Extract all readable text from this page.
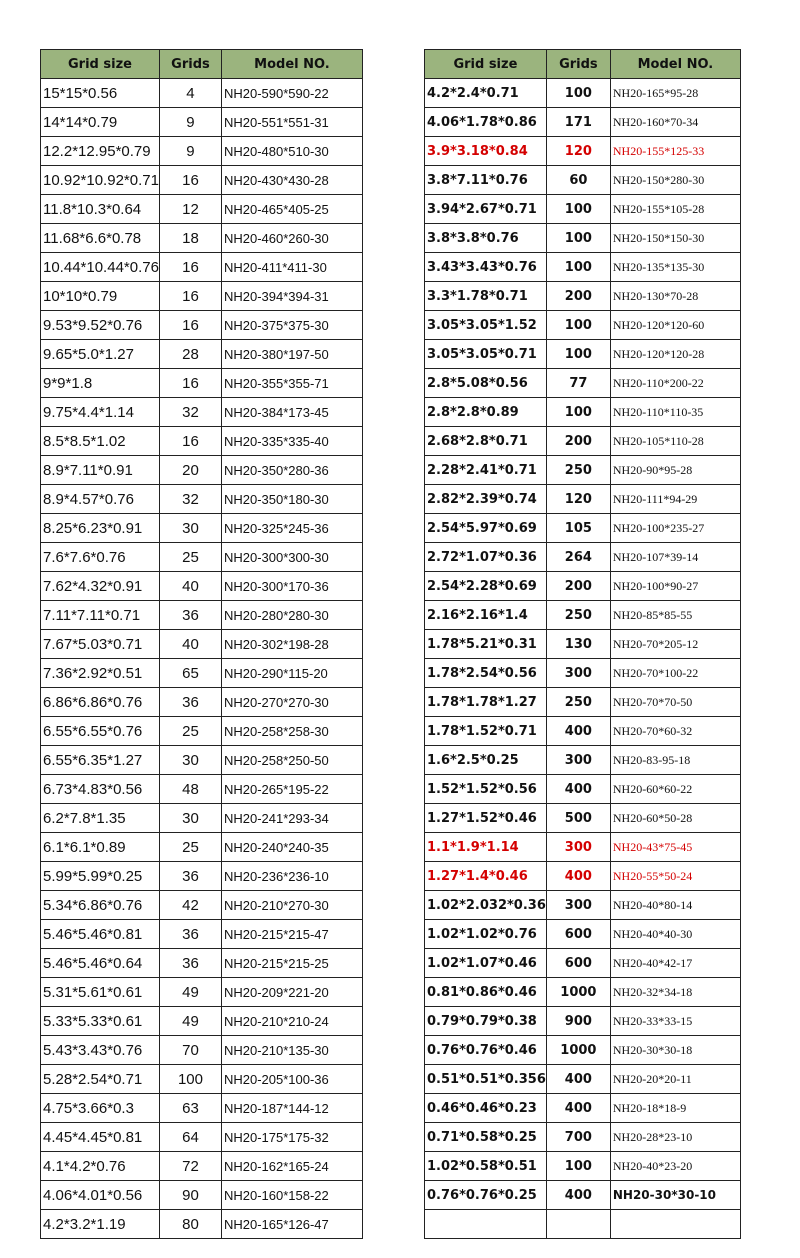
Grid size	Grids	Model NO.
15*15*0.56	4	NH20-590*590-22
14*14*0.79	9	NH20-551*551-31
12.2*12.95*0.79	9	NH20-480*510-30
10.92*10.92*0.71	16	NH20-430*430-28
11.8*10.3*0.64	12	NH20-465*405-25
11.68*6.6*0.78	18	NH20-460*260-30
10.44*10.44*0.76	16	NH20-411*411-30
10*10*0.79	16	NH20-394*394-31
9.53*9.52*0.76	16	NH20-375*375-30
9.65*5.0*1.27	28	NH20-380*197-50
9*9*1.8	16	NH20-355*355-71
9.75*4.4*1.14	32	NH20-384*173-45
8.5*8.5*1.02	16	NH20-335*335-40
8.9*7.11*0.91	20	NH20-350*280-36
8.9*4.57*0.76	32	NH20-350*180-30
8.25*6.23*0.91	30	NH20-325*245-36
7.6*7.6*0.76	25	NH20-300*300-30
7.62*4.32*0.91	40	NH20-300*170-36
7.11*7.11*0.71	36	NH20-280*280-30
7.67*5.03*0.71	40	NH20-302*198-28
7.36*2.92*0.51	65	NH20-290*115-20
6.86*6.86*0.76	36	NH20-270*270-30
6.55*6.55*0.76	25	NH20-258*258-30
6.55*6.35*1.27	30	NH20-258*250-50
6.73*4.83*0.56	48	NH20-265*195-22
6.2*7.8*1.35	30	NH20-241*293-34
6.1*6.1*0.89	25	NH20-240*240-35
5.99*5.99*0.25	36	NH20-236*236-10
5.34*6.86*0.76	42	NH20-210*270-30
5.46*5.46*0.81	36	NH20-215*215-47
5.46*5.46*0.64	36	NH20-215*215-25
5.31*5.61*0.61	49	NH20-209*221-20
5.33*5.33*0.61	49	NH20-210*210-24
5.43*3.43*0.76	70	NH20-210*135-30
5.28*2.54*0.71	100	NH20-205*100-36
4.75*3.66*0.3	63	NH20-187*144-12
4.45*4.45*0.81	64	NH20-175*175-32
4.1*4.2*0.76	72	NH20-162*165-24
4.06*4.01*0.56	90	NH20-160*158-22
4.2*3.2*1.19	80	NH20-165*126-47
Grid size	Grids	Model NO.
4.2*2.4*0.71	100	NH20-165*95-28
4.06*1.78*0.86	171	NH20-160*70-34
3.9*3.18*0.84	120	NH20-155*125-33
3.8*7.11*0.76	60	NH20-150*280-30
3.94*2.67*0.71	100	NH20-155*105-28
3.8*3.8*0.76	100	NH20-150*150-30
3.43*3.43*0.76	100	NH20-135*135-30
3.3*1.78*0.71	200	NH20-130*70-28
3.05*3.05*1.52	100	NH20-120*120-60
3.05*3.05*0.71	100	NH20-120*120-28
2.8*5.08*0.56	77	NH20-110*200-22
2.8*2.8*0.89	100	NH20-110*110-35
2.68*2.8*0.71	200	NH20-105*110-28
2.28*2.41*0.71	250	NH20-90*95-28
2.82*2.39*0.74	120	NH20-111*94-29
2.54*5.97*0.69	105	NH20-100*235-27
2.72*1.07*0.36	264	NH20-107*39-14
2.54*2.28*0.69	200	NH20-100*90-27
2.16*2.16*1.4	250	NH20-85*85-55
1.78*5.21*0.31	130	NH20-70*205-12
1.78*2.54*0.56	300	NH20-70*100-22
1.78*1.78*1.27	250	NH20-70*70-50
1.78*1.52*0.71	400	NH20-70*60-32
1.6*2.5*0.25	300	NH20-83-95-18
1.52*1.52*0.56	400	NH20-60*60-22
1.27*1.52*0.46	500	NH20-60*50-28
1.1*1.9*1.14	300	NH20-43*75-45
1.27*1.4*0.46	400	NH20-55*50-24
1.02*2.032*0.36	300	NH20-40*80-14
1.02*1.02*0.76	600	NH20-40*40-30
1.02*1.07*0.46	600	NH20-40*42-17
0.81*0.86*0.46	1000	NH20-32*34-18
0.79*0.79*0.38	900	NH20-33*33-15
0.76*0.76*0.46	1000	NH20-30*30-18
0.51*0.51*0.356	400	NH20-20*20-11
0.46*0.46*0.23	400	NH20-18*18-9
0.71*0.58*0.25	700	NH20-28*23-10
1.02*0.58*0.51	100	NH20-40*23-20
0.76*0.76*0.25	400	NH20-30*30-10
